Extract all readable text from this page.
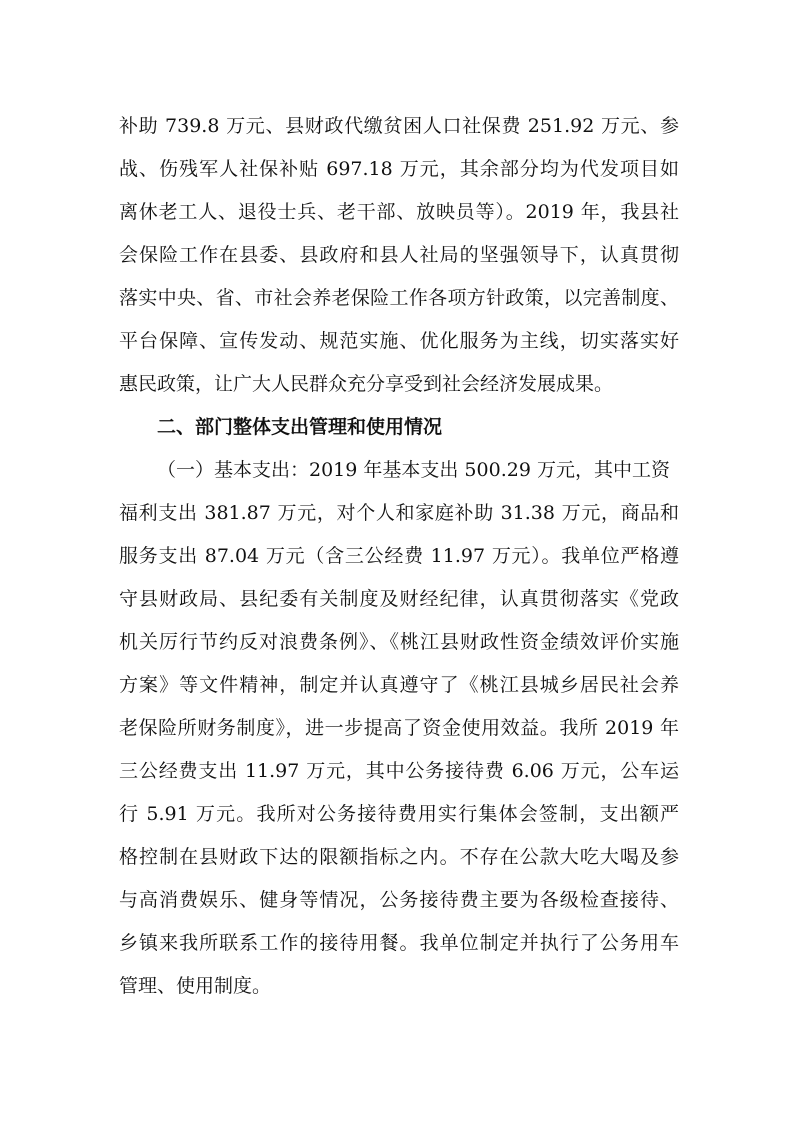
补助 739.8 万元、县财政代缴贫困人口社保费 251.92 万元、参
战、伤残军人社保补贴 697.18 万元，其余部分均为代发项目如
离休老工人、退役士兵、老干部、放映员等）。2019 年，我县社
会保险工作在县委、县政府和县人社局的坚强领导下，认真贯彻
落实中央、省、市社会养老保险工作各项方针政策，以完善制度、
平台保障、宣传发动、规范实施、优化服务为主线，切实落实好
惠民政策，让广大人民群众充分享受到社会经济发展成果。
二、部门整体支出管理和使用情况
（一）基本支出：2019 年基本支出 500.29 万元，其中工资
福利支出 381.87 万元，对个人和家庭补助 31.38 万元，商品和
服务支出 87.04 万元（含三公经费 11.97 万元）。我单位严格遵
守县财政局、县纪委有关制度及财经纪律，认真贯彻落实《党政
机关厉行节约反对浪费条例》、《桃江县财政性资金绩效评价实施
方案》等文件精神，制定并认真遵守了《桃江县城乡居民社会养
老保险所财务制度》，进一步提高了资金使用效益。我所 2019 年
三公经费支出 11.97 万元，其中公务接待费 6.06 万元，公车运
行 5.91 万元。我所对公务接待费用实行集体会签制，支出额严
格控制在县财政下达的限额指标之内。不存在公款大吃大喝及参
与高消费娱乐、健身等情况，公务接待费主要为各级检查接待、
乡镇来我所联系工作的接待用餐。我单位制定并执行了公务用车
管理、使用制度。
